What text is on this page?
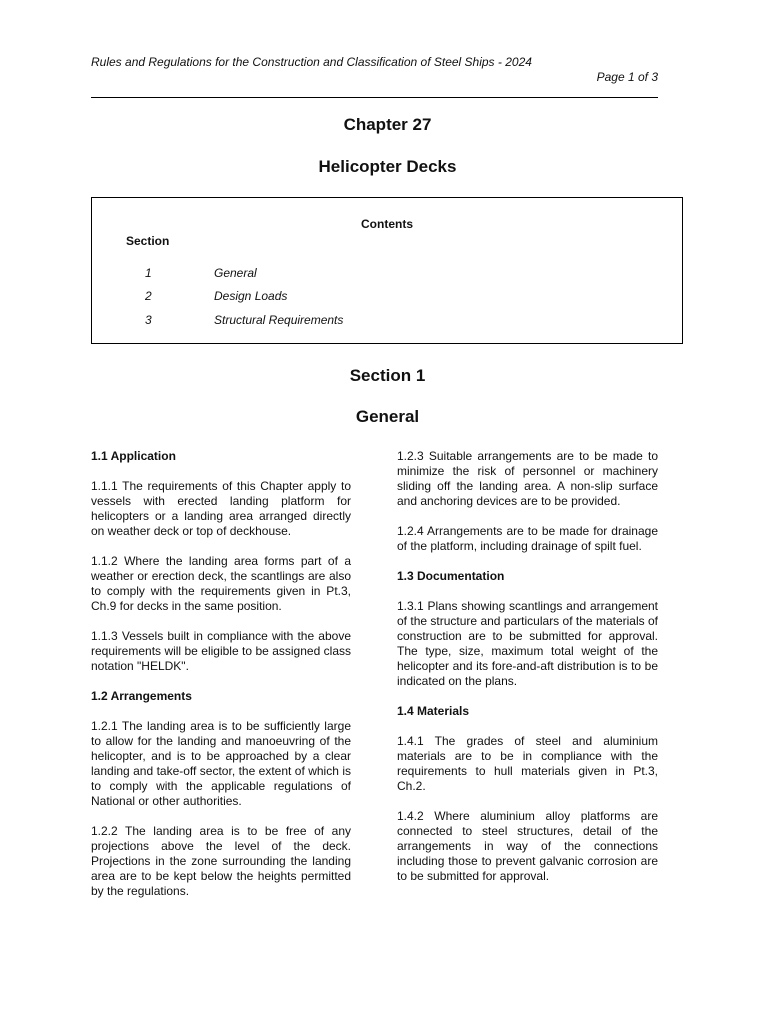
Rules and Regulations for the Construction and Classification of Steel Ships - 2024
Page 1 of 3
Chapter 27
Helicopter Decks
Contents
Section
1	General
2	Design Loads
3	Structural Requirements
Section 1
General
1.1 Application

1.1.1 The requirements of this Chapter apply to vessels with erected landing platform for helicopters or a landing area arranged directly on weather deck or top of deckhouse.

1.1.2 Where the landing area forms part of a weather or erection deck, the scantlings are also to comply with the requirements given in Pt.3, Ch.9 for decks in the same position.

1.1.3 Vessels built in compliance with the above requirements will be eligible to be assigned class notation "HELDK".

1.2 Arrangements

1.2.1 The landing area is to be sufficiently large to allow for the landing and manoeuvring of the helicopter, and is to be approached by a clear landing and take-off sector, the extent of which is to comply with the applicable regulations of National or other authorities.

1.2.2 The landing area is to be free of any projections above the level of the deck. Projections in the zone surrounding the landing area are to be kept below the heights permitted by the regulations.

1.2.3 Suitable arrangements are to be made to minimize the risk of personnel or machinery sliding off the landing area. A non-slip surface and anchoring devices are to be provided.

1.2.4 Arrangements are to be made for drainage of the platform, including drainage of spilt fuel.

1.3 Documentation

1.3.1 Plans showing scantlings and arrangement of the structure and particulars of the materials of construction are to be submitted for approval. The type, size, maximum total weight of the helicopter and its fore-and-aft distribution is to be indicated on the plans.

1.4 Materials

1.4.1 The grades of steel and aluminium materials are to be in compliance with the requirements to hull materials given in Pt.3, Ch.2.

1.4.2 Where aluminium alloy platforms are connected to steel structures, detail of the arrangements in way of the connections including those to prevent galvanic corrosion are to be submitted for approval.
